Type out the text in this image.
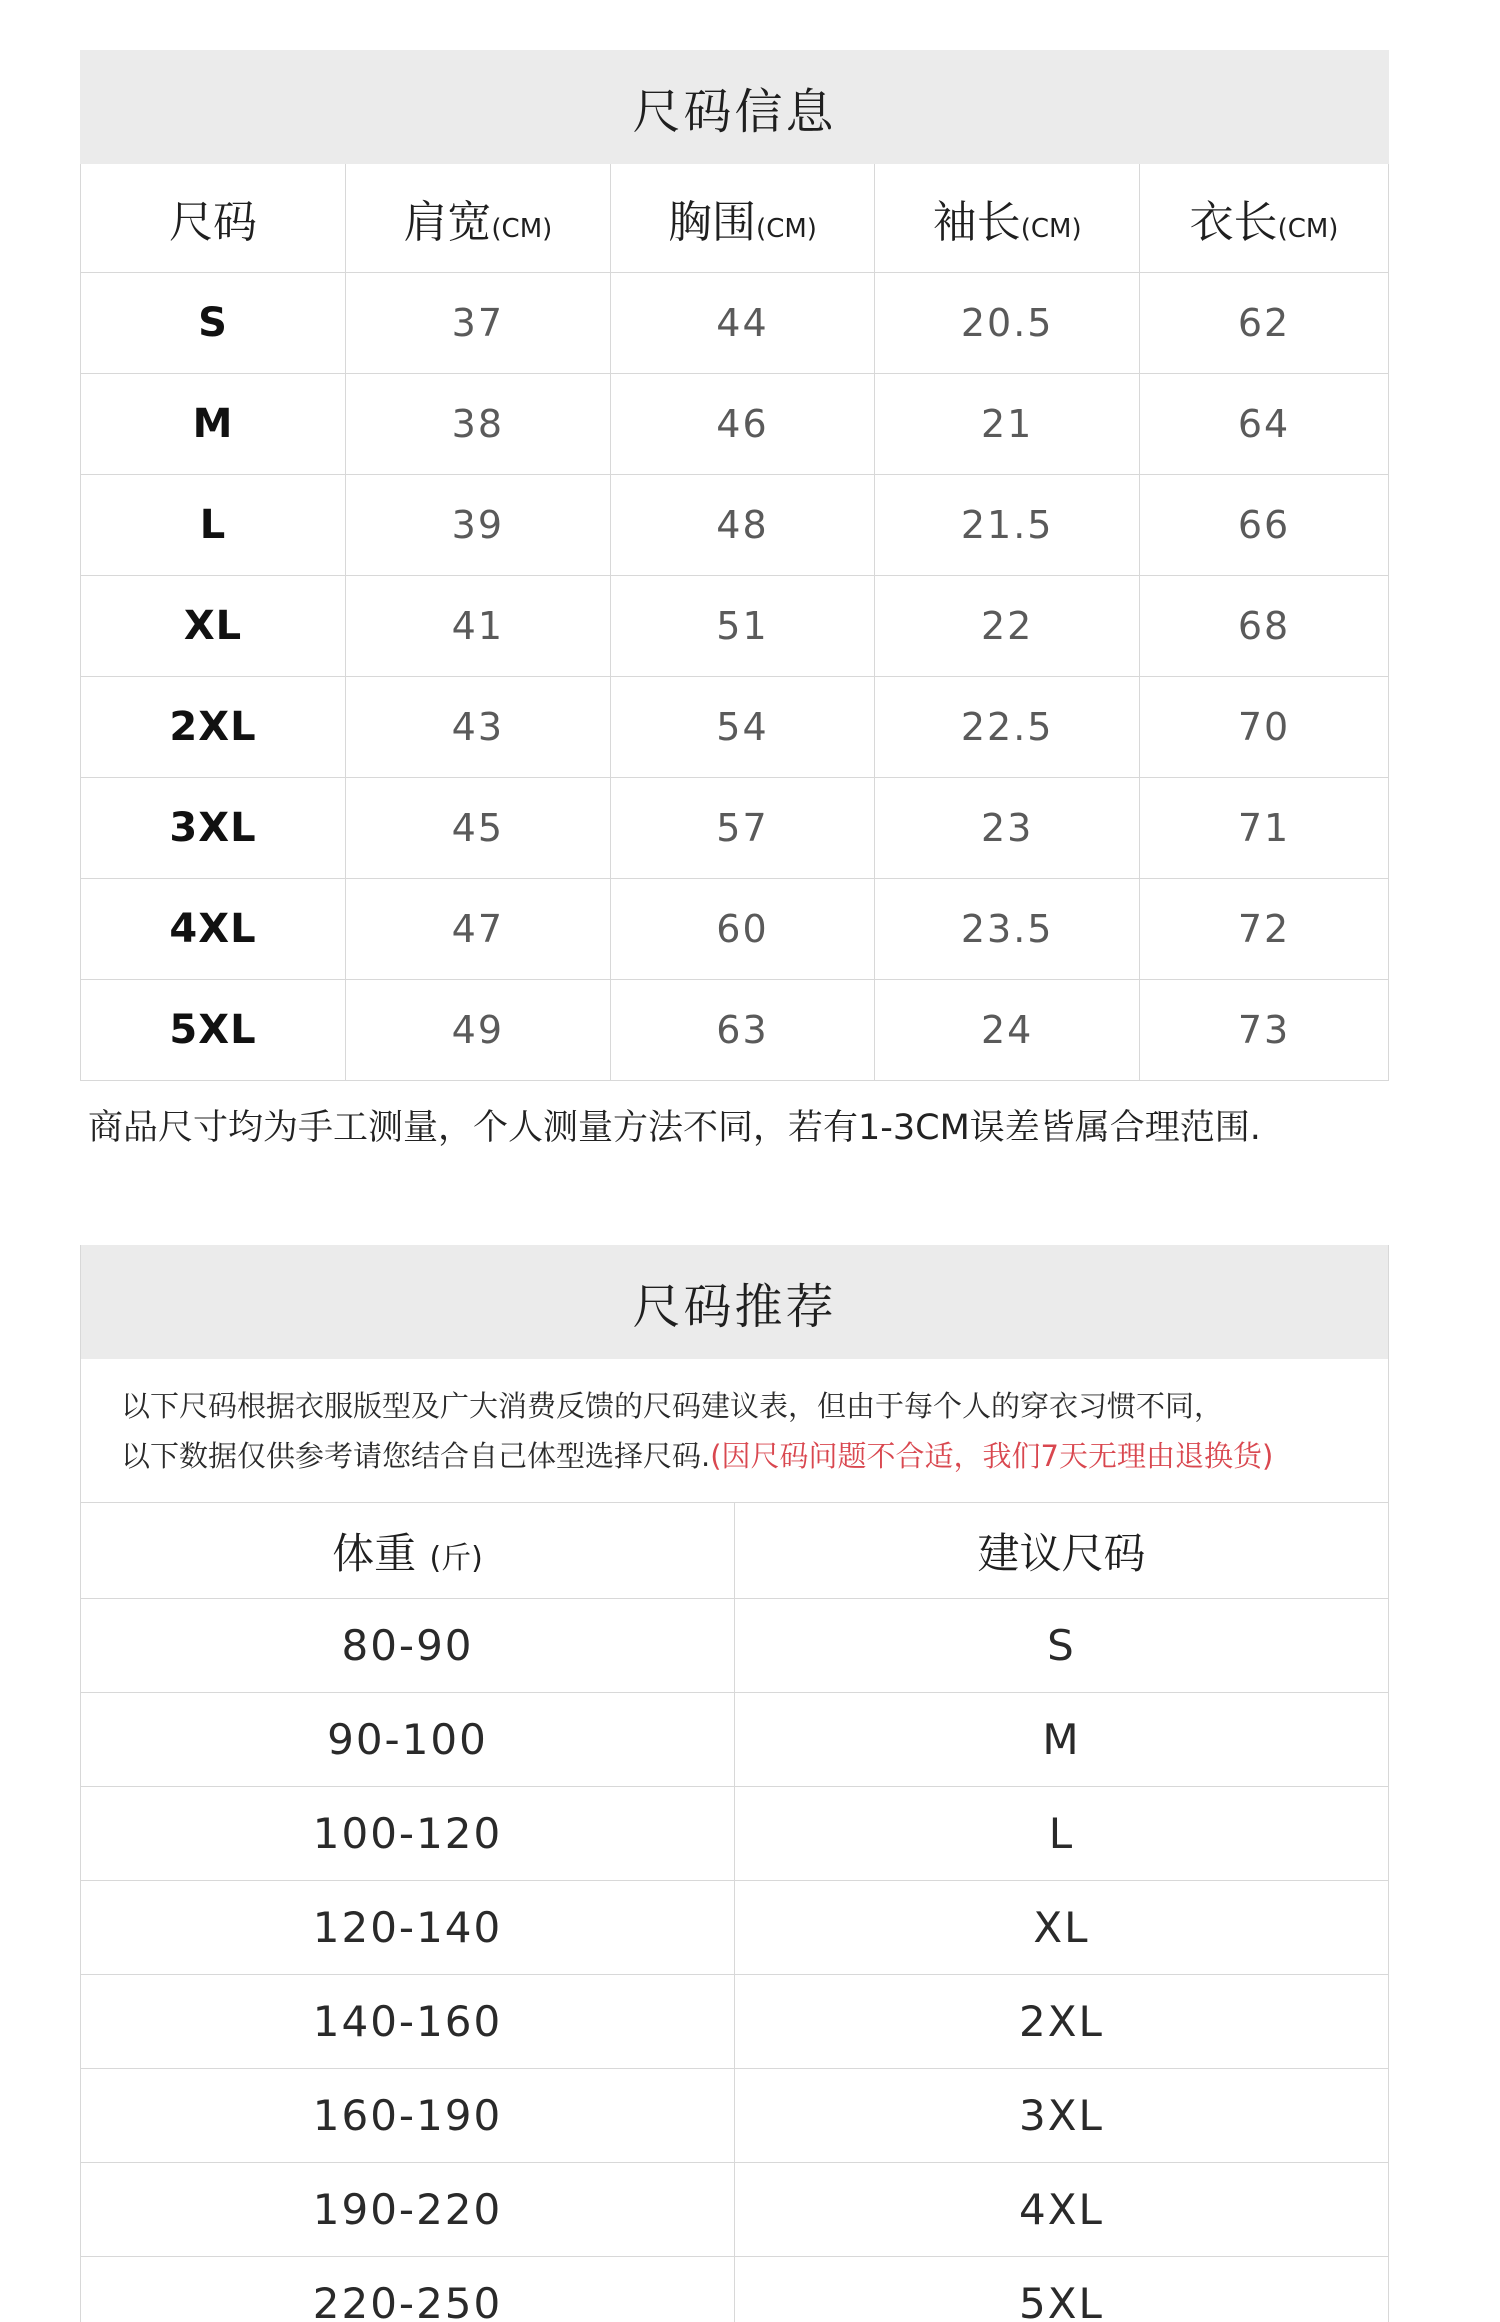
尺码信息
尺码	肩宽(CM)	胸围(CM)	袖长(CM)	衣长(CM)
S	37	44	20.5	62
M	38	46	21	64
L	39	48	21.5	66
XL	41	51	22	68
2XL	43	54	22.5	70
3XL	45	57	23	71
4XL	47	60	23.5	72
5XL	49	63	24	73
商品尺寸均为手工测量，个人测量方法不同，若有1-3CM误差皆属合理范围.
尺码推荐
以下尺码根据衣服版型及广大消费反馈的尺码建议表，但由于每个人的穿衣习惯不同，
以下数据仅供参考请您结合自己体型选择尺码.(因尺码问题不合适，我们7天无理由退换货)
体重 (斤)	建议尺码
80-90	S
90-100	M
100-120	L
120-140	XL
140-160	2XL
160-190	3XL
190-220	4XL
220-250	5XL
